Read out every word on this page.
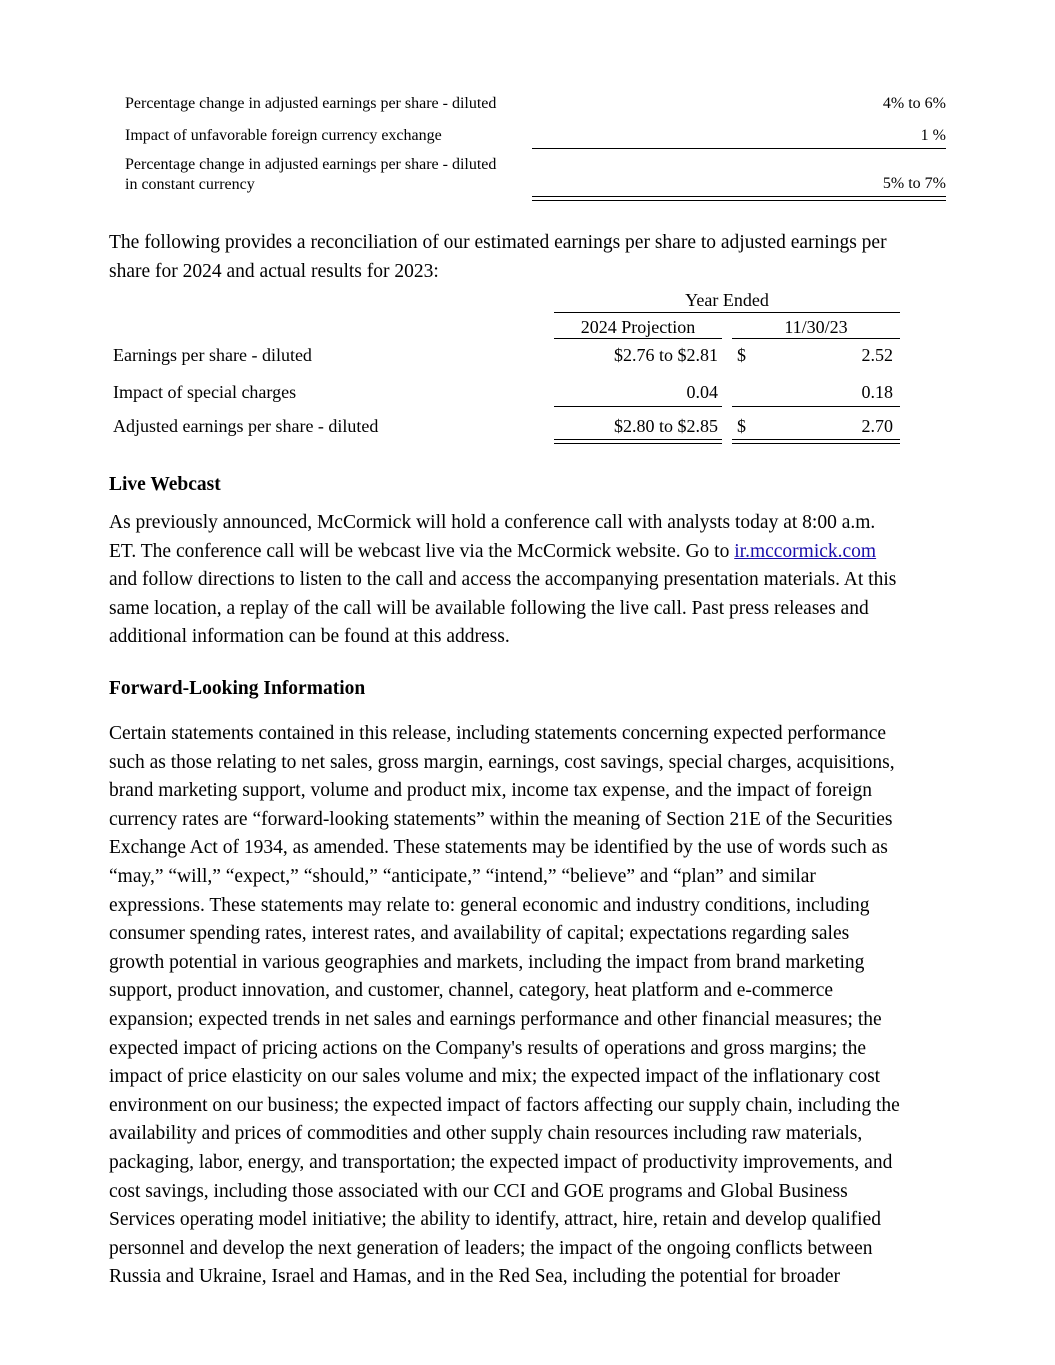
Percentage change in adjusted earnings per share - diluted	4% to 6%
Impact of unfavorable foreign currency exchange	1 %
Percentage change in adjusted earnings per share - diluted
in constant currency	5% to 7%
The following provides a reconciliation of our estimated earnings per share to adjusted earnings per
share for 2024 and actual results for 2023:
Year Ended
2024 Projection	11/30/23
Earnings per share - diluted	$2.76 to $2.81 $	2.52
Impact of special charges	0.04	0.18
Adjusted earnings per share - diluted	$2.80 to $2.85 $	2.70
Live Webcast
As previously announced, McCormick will hold a conference call with analysts today at 8:00 a.m.
ET. The conference call will be webcast live via the McCormick website. Go to ir.mccormick.com
and follow directions to listen to the call and access the accompanying presentation materials. At this
same location, a replay of the call will be available following the live call. Past press releases and
additional information can be found at this address.
Forward-Looking Information
Certain statements contained in this release, including statements concerning expected performance
such as those relating to net sales, gross margin, earnings, cost savings, special charges, acquisitions,
brand marketing support, volume and product mix, income tax expense, and the impact of foreign
currency rates are “forward-looking statements” within the meaning of Section 21E of the Securities
Exchange Act of 1934, as amended. These statements may be identified by the use of words such as
“may,” “will,” “expect,” “should,” “anticipate,” “intend,” “believe” and “plan” and similar
expressions. These statements may relate to: general economic and industry conditions, including
consumer spending rates, interest rates, and availability of capital; expectations regarding sales
growth potential in various geographies and markets, including the impact from brand marketing
support, product innovation, and customer, channel, category, heat platform and e-commerce
expansion; expected trends in net sales and earnings performance and other financial measures; the
expected impact of pricing actions on the Company's results of operations and gross margins; the
impact of price elasticity on our sales volume and mix; the expected impact of the inflationary cost
environment on our business; the expected impact of factors affecting our supply chain, including the
availability and prices of commodities and other supply chain resources including raw materials,
packaging, labor, energy, and transportation; the expected impact of productivity improvements, and
cost savings, including those associated with our CCI and GOE programs and Global Business
Services operating model initiative; the ability to identify, attract, hire, retain and develop qualified
personnel and develop the next generation of leaders; the impact of the ongoing conflicts between
Russia and Ukraine, Israel and Hamas, and in the Red Sea, including the potential for broader
